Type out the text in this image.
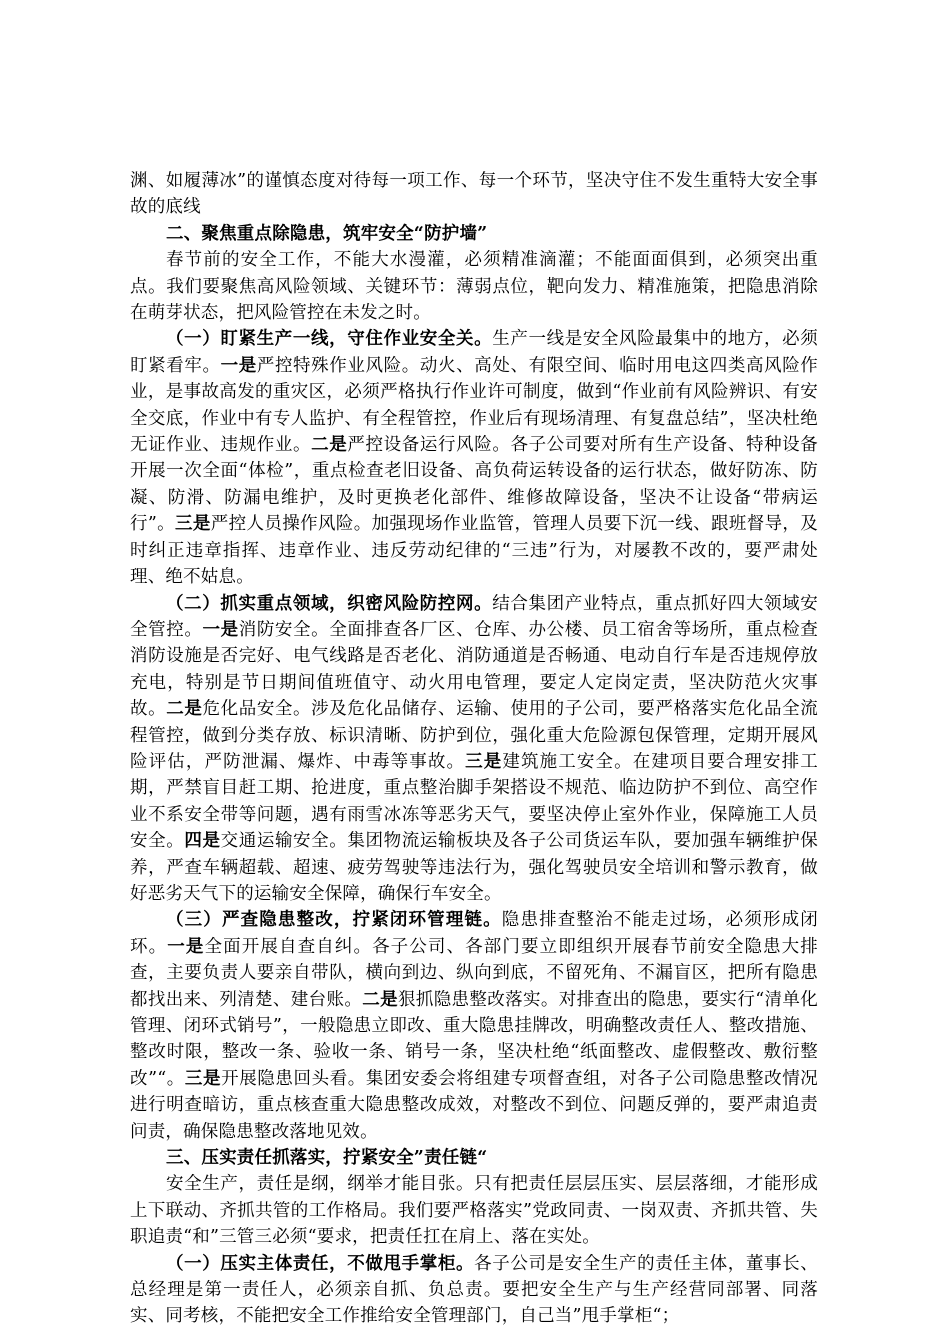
渊、如履薄冰”的谨慎态度对待每一项工作、每一个环节，坚决守住不发生重特大安全事故的底线

二、聚焦重点除隐患，筑牢安全“防护墙”

春节前的安全工作，不能大水漫灌，必须精准滴灌；不能面面俱到，必须突出重点。我们要聚焦高风险领域、关键环节：薄弱点位，靶向发力、精准施策，把隐患消除在萌芽状态，把风险管控在未发之时。

（一）盯紧生产一线，守住作业安全关。生产一线是安全风险最集中的地方，必须盯紧看牢。一是严控特殊作业风险。动火、高处、有限空间、临时用电这四类高风险作业，是事故高发的重灾区，必须严格执行作业许可制度，做到“作业前有风险辨识、有安全交底，作业中有专人监护、有全程管控，作业后有现场清理、有复盘总结”，坚决杜绝无证作业、违规作业。二是严控设备运行风险。各子公司要对所有生产设备、特种设备开展一次全面“体检”，重点检查老旧设备、高负荷运转设备的运行状态，做好防冻、防凝、防滑、防漏电维护，及时更换老化部件、维修故障设备，坚决不让设备“带病运行”。三是严控人员操作风险。加强现场作业监管，管理人员要下沉一线、跟班督导，及时纠正违章指挥、违章作业、违反劳动纪律的“三违”行为，对屡教不改的，要严肃处理、绝不姑息。

（二）抓实重点领域，织密风险防控网。结合集团产业特点，重点抓好四大领域安全管控。一是消防安全。全面排查各厂区、仓库、办公楼、员工宿舍等场所，重点检查消防设施是否完好、电气线路是否老化、消防通道是否畅通、电动自行车是否违规停放充电，特别是节日期间值班值守、动火用电管理，要定人定岗定责，坚决防范火灾事故。二是危化品安全。涉及危化品储存、运输、使用的子公司，要严格落实危化品全流程管控，做到分类存放、标识清晰、防护到位，强化重大危险源包保管理，定期开展风险评估，严防泄漏、爆炸、中毒等事故。三是建筑施工安全。在建项目要合理安排工期，严禁盲目赶工期、抢进度，重点整治脚手架搭设不规范、临边防护不到位、高空作业不系安全带等问题，遇有雨雪冰冻等恶劣天气，要坚决停止室外作业，保障施工人员安全。四是交通运输安全。集团物流运输板块及各子公司货运车队，要加强车辆维护保养，严查车辆超载、超速、疲劳驾驶等违法行为，强化驾驶员安全培训和警示教育，做好恶劣天气下的运输安全保障，确保行车安全。

（三）严查隐患整改，拧紧闭环管理链。隐患排查整治不能走过场，必须形成闭环。一是全面开展自查自纠。各子公司、各部门要立即组织开展春节前安全隐患大排查，主要负责人要亲自带队，横向到边、纵向到底，不留死角、不漏盲区，把所有隐患都找出来、列清楚、建台账。二是狠抓隐患整改落实。对排查出的隐患，要实行“清单化管理、闭环式销号”，一般隐患立即改、重大隐患挂牌改，明确整改责任人、整改措施、整改时限，整改一条、验收一条、销号一条，坚决杜绝“纸面整改、虚假整改、敷衍整改”“。三是开展隐患回头看。集团安委会将组建专项督查组，对各子公司隐患整改情况进行明查暗访，重点核查重大隐患整改成效，对整改不到位、问题反弹的，要严肃追责问责，确保隐患整改落地见效。

三、压实责任抓落实，拧紧安全”责任链“

安全生产，责任是纲，纲举才能目张。只有把责任层层压实、层层落细，才能形成上下联动、齐抓共管的工作格局。我们要严格落实”党政同责、一岗双责、齐抓共管、失职追责“和”三管三必须“要求，把责任扛在肩上、落在实处。

（一）压实主体责任，不做甩手掌柜。各子公司是安全生产的责任主体，董事长、总经理是第一责任人，必须亲自抓、负总责。要把安全生产与生产经营同部署、同落实、同考核，不能把安全工作推给安全管理部门，自己当”甩手掌柜“；
